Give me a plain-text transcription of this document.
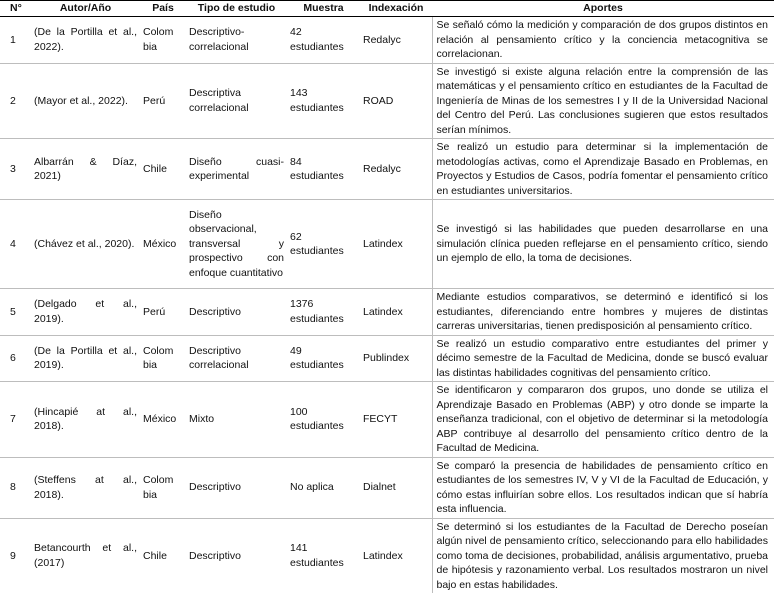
N°	Autor/Año	País	Tipo de estudio	Muestra	Indexación	Aportes
1	(De la Portilla et al., 2022).	Colom bia	Descriptivo-correlacional	42 estudiantes	Redalyc	Se señaló cómo la medición y comparación de dos grupos distintos en relación al pensamiento crítico y la conciencia metacognitiva se correlacionan.
2	(Mayor et al., 2022).	Perú	Descriptiva correlacional	143 estudiantes	ROAD	Se investigó si existe alguna relación entre la comprensión de las matemáticas y el pensamiento crítico en estudiantes de la Facultad de Ingeniería de Minas de los semestres I y II de la Universidad Nacional del Centro del Perú. Las conclusiones sugieren que estos resultados serían mínimos.
3	Albarrán & Díaz, 2021)	Chile	Diseño cuasi-experimental	84 estudiantes	Redalyc	Se realizó un estudio para determinar si la implementación de metodologías activas, como el Aprendizaje Basado en Problemas, en Proyectos y Estudios de Casos, podría fomentar el pensamiento crítico en estudiantes universitarios.
4	(Chávez et al., 2020).	México	Diseño observacional, transversal y prospectivo con enfoque cuantitativo	62 estudiantes	Latindex	Se investigó si las habilidades que pueden desarrollarse en una simulación clínica pueden reflejarse en el pensamiento crítico, siendo un ejemplo de ello, la toma de decisiones.
5	(Delgado et al., 2019).	Perú	Descriptivo	1376 estudiantes	Latindex	Mediante estudios comparativos, se determinó e identificó si los estudiantes, diferenciando entre hombres y mujeres de distintas carreras universitarias, tienen predisposición al pensamiento crítico.
6	(De la Portilla et al., 2019).	Colom bia	Descriptivo correlacional	49 estudiantes	Publindex	Se realizó un estudio comparativo entre estudiantes del primer y décimo semestre de la Facultad de Medicina, donde se buscó evaluar las distintas habilidades cognitivas del pensamiento crítico.
7	(Hincapié at al., 2018).	México	Mixto	100 estudiantes	FECYT	Se identificaron y compararon dos grupos, uno donde se utiliza el Aprendizaje Basado en Problemas (ABP) y otro donde se imparte la enseñanza tradicional, con el objetivo de determinar si la metodología ABP contribuye al desarrollo del pensamiento crítico dentro de la Facultad de Medicina.
8	(Steffens at al., 2018).	Colom bia	Descriptivo	No aplica	Dialnet	Se comparó la presencia de habilidades de pensamiento crítico en estudiantes de los semestres IV, V y VI de la Facultad de Educación, y cómo estas influirían sobre ellos. Los resultados indican que sí habría esta influencia.
9	Betancourth et al., (2017)	Chile	Descriptivo	141 estudiantes	Latindex	Se determinó si los estudiantes de la Facultad de Derecho poseían algún nivel de pensamiento crítico, seleccionando para ello habilidades como toma de decisiones, probabilidad, análisis argumentativo, prueba de hipótesis y razonamiento verbal. Los resultados mostraron un nivel bajo en estas habilidades.
